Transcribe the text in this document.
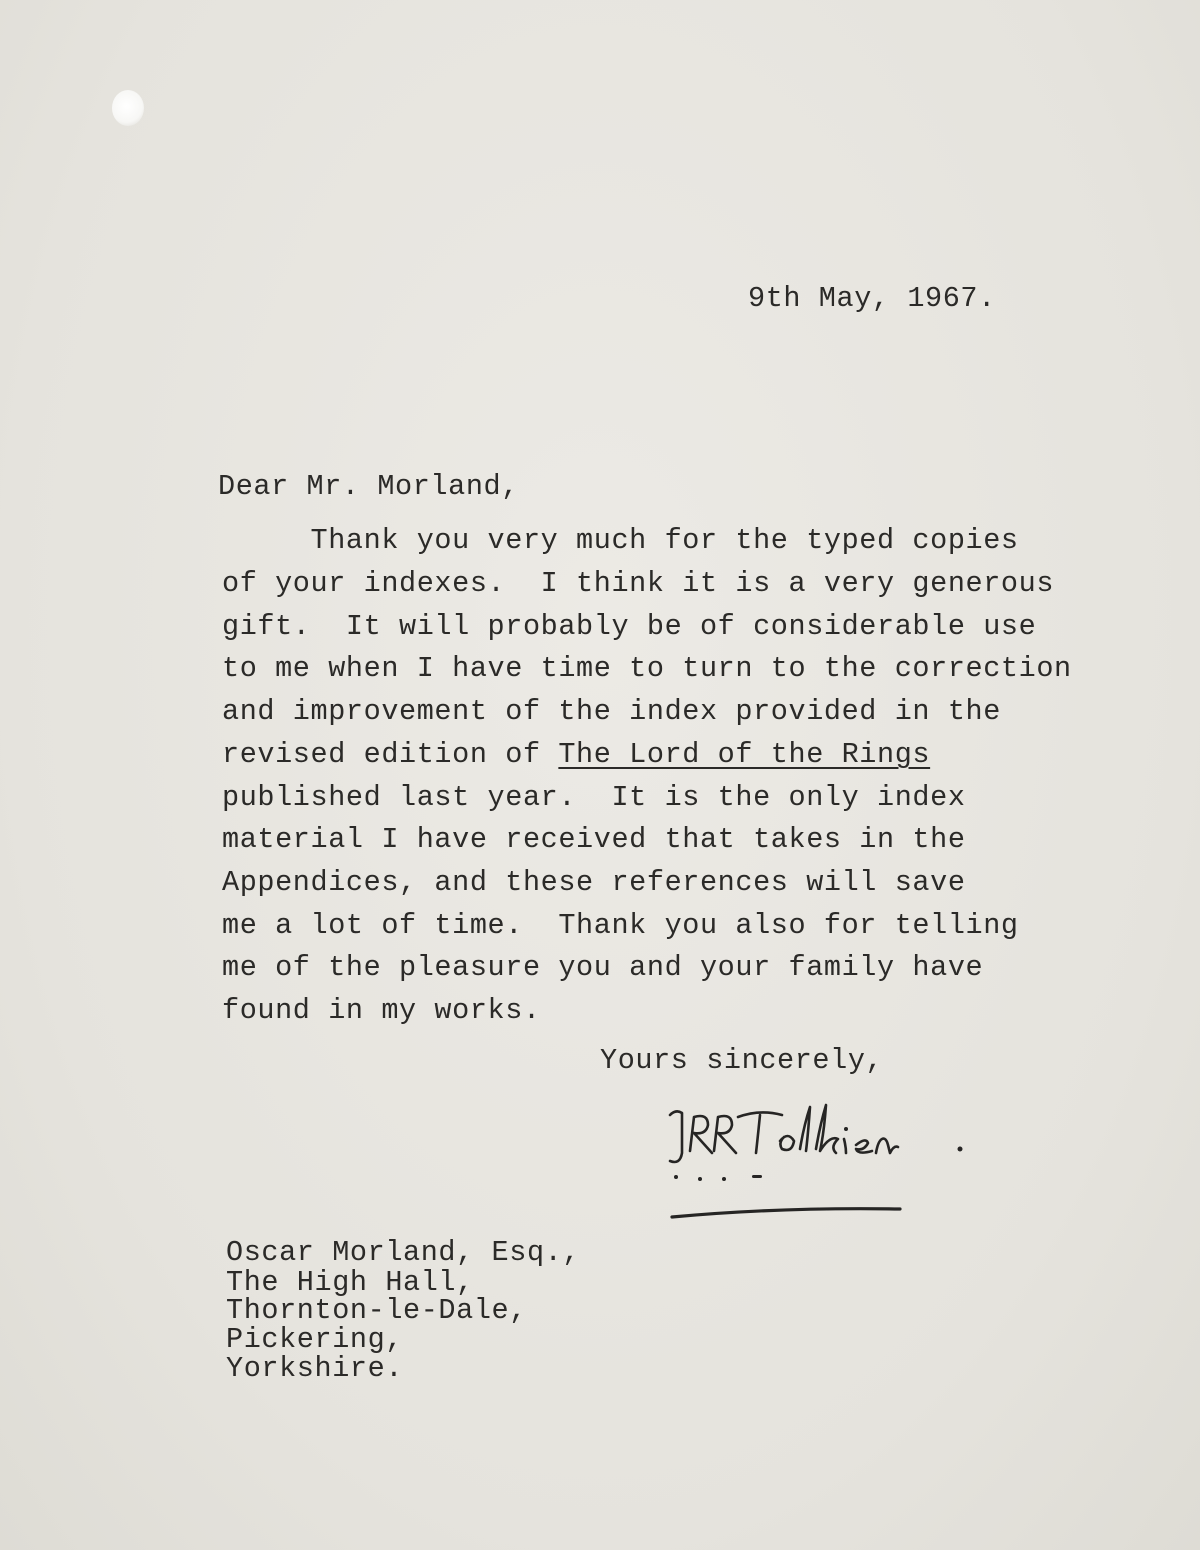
9th May, 1967.
Dear Mr. Morland,
Thank you very much for the typed copies
of your indexes.  I think it is a very generous
gift.  It will probably be of considerable use
to me when I have time to turn to the correction
and improvement of the index provided in the
revised edition of The Lord of the Rings
published last year.  It is the only index
material I have received that takes in the
Appendices, and these references will save
me a lot of time.  Thank you also for telling
me of the pleasure you and your family have
found in my works.
Yours sincerely,
Oscar Morland, Esq.,
The High Hall,
Thornton-le-Dale,
Pickering,
Yorkshire.
